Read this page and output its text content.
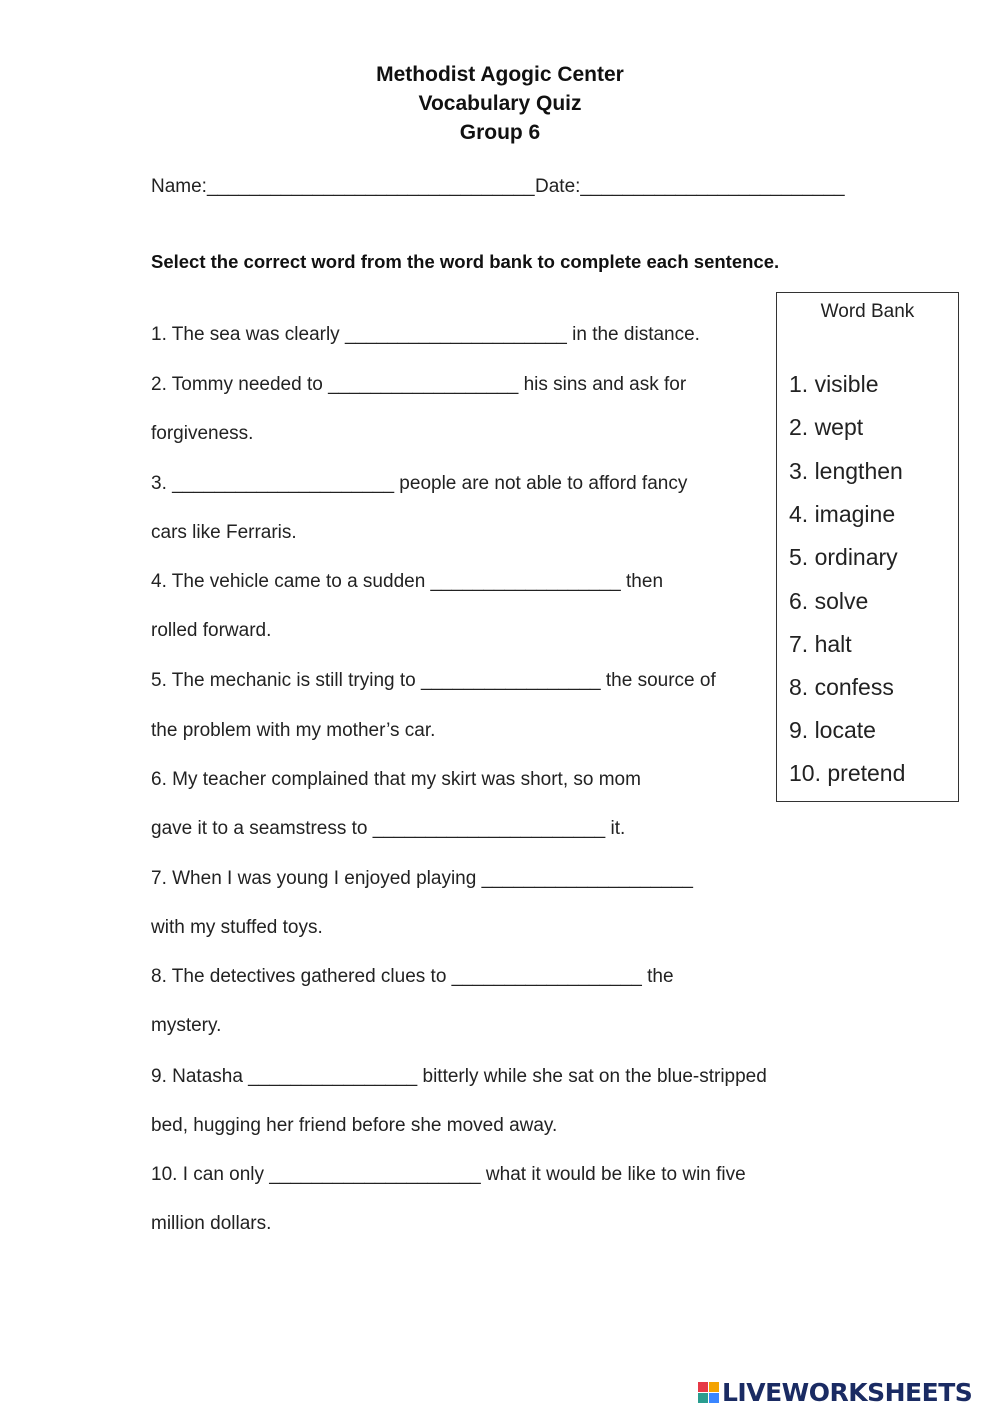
Methodist Agogic Center
Vocabulary Quiz
Group 6
Name:_______________________________ Date:_________________________
Select the correct word from the word bank to complete each sentence.
1. The sea was clearly _____________________ in the distance.
2. Tommy needed to __________________ his sins and ask for
forgiveness.
3. _____________________ people are not able to afford fancy
cars like Ferraris.
4. The vehicle came to a sudden __________________ then
rolled forward.
5. The mechanic is still trying to _________________ the source of
the problem with my mother’s car.
6. My teacher complained that my skirt was short, so mom
gave it to a seamstress to ______________________ it.
7. When I was young I enjoyed playing ____________________
with my stuffed toys.
8. The detectives gathered clues to __________________ the
mystery.
9. Natasha ________________ bitterly while she sat on the blue-stripped
bed, hugging her friend before she moved away.
10. I can only ____________________ what it would be like to win five
million dollars.
Word Bank
1. visible
2. wept
3. lengthen
4. imagine
5. ordinary
6. solve
7. halt
8. confess
9. locate
10. pretend
LIVEWORKSHEETS
